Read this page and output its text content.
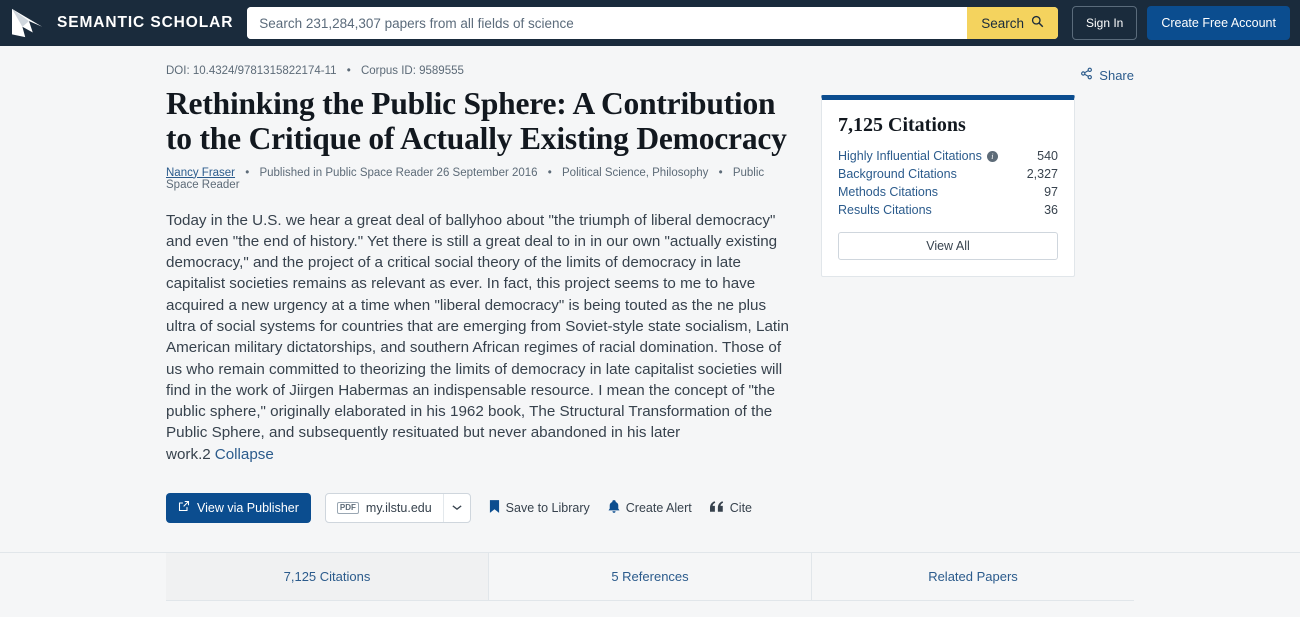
SEMANTIC SCHOLAR
Search 231,284,307 papers from all fields of science	Search	Sign In	Create Free Account
Share
DOI: 10.4324/9781315822174-11 • Corpus ID: 9589555
Rethinking the Public Sphere: A Contribution to the Critique of Actually Existing Democracy
Nancy Fraser • Published in Public Space Reader 26 September 2016 • Political Science, Philosophy • Public Space Reader
Today in the U.S. we hear a great deal of ballyhoo about "the triumph of liberal democracy" and even "the end of history." Yet there is still a great deal to in in our own "actually existing democracy," and the project of a critical social theory of the limits of democracy in late capitalist societies remains as relevant as ever. In fact, this project seems to me to have acquired a new urgency at a time when "liberal democracy" is being touted as the ne plus ultra of social systems for countries that are emerging from Soviet-style state socialism, Latin American military dictatorships, and southern African regimes of racial domination. Those of us who remain committed to theorizing the limits of democracy in late capitalist societies will find in the work of Jiirgen Habermas an indispensable resource. I mean the concept of "the public sphere," originally elaborated in his 1962 book, The Structural Transformation of the Public Sphere, and subsequently resituated but never abandoned in his later work.2 Collapse
View via Publisher	PDF my.ilstu.edu	Save to Library	Create Alert	Cite
7,125 Citations
Highly Influential Citations	i	540
Background Citations	2,327
Methods Citations	97
Results Citations	36
View All
7,125 Citations	5 References	Related Papers
